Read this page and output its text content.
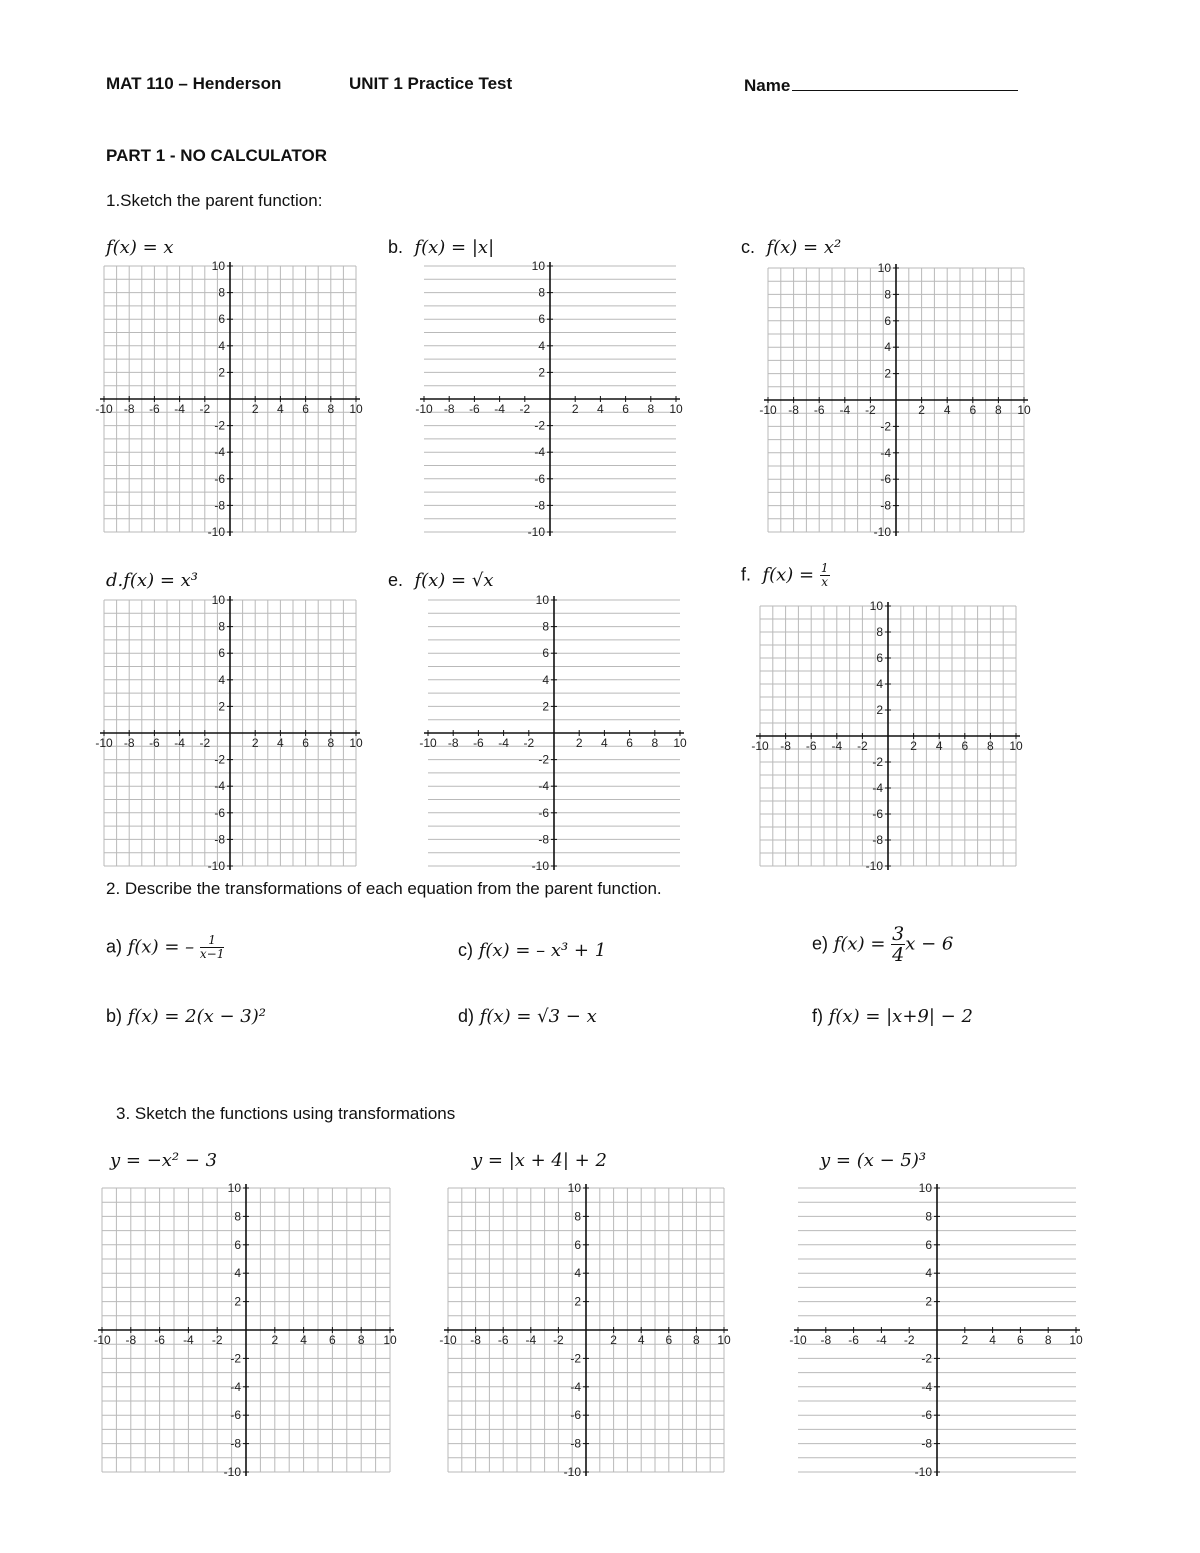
MAT 110 – Henderson	UNIT 1 Practice Test	Name
PART 1 - NO CALCULATOR
1.Sketch the parent function:
f(x) = x	b. f(x) = |x|	c. f(x) = x²
d.f(x) = x³	e. f(x) = √x	f. $f(x) = \frac{1}{x}$
-10 -8 -6 -4 -2	2 4 6 8 10
10
8
6
4
2
-2
-4
-6
-8
-10
-10 -8 -6 -4 -2	2 4 6 8 10
10
8
6
4
2
-2
-4
-6
-8
-10
-10 -8 -6 -4 -2	2 4 6 8 10
10
8
6
4
2
-2
-4
-6
-8
-10
-10 -8 -6 -4 -2	2 4 6 8 10
10
8
6
4
2
-2
-4
-6
-8
-10
-10 -8 -6 -4 -2	2 4 6 8 10
10
8
6
4
2
-2
-4
-6
-8
-10
-10 -8 -6 -4 -2	2 4 6 8 10
10
8
6
4
2
-2
-4
-6
-8
-10
2. Describe the transformations of each equation from the parent function.
a) f(x) = – $\frac{1}{x-1}$	c) f(x) = – x³ + 1	e) $f(x) = \frac{3}{4}$ x − 6
b) f(x) = 2(x − 3)²	d) f(x) = √3 − x	f) f(x) = |x+9| − 2
3. Sketch the functions using transformations
y = −x² − 3	y = |x + 4| + 2	y = (x − 5)³
-10 -8 -6 -4 -2	2 4 6 8 10
10
8
6
4
2
-2
-4
-6
-8
-10
-10 -8 -6 -4 -2	2 4 6 8 10
10
8
6
4
2
-2
-4
-6
-8
-10
-10 -8 -6 -4 -2	2 4 6 8 10
10
8
6
4
2
-2
-4
-6
-8
-10
